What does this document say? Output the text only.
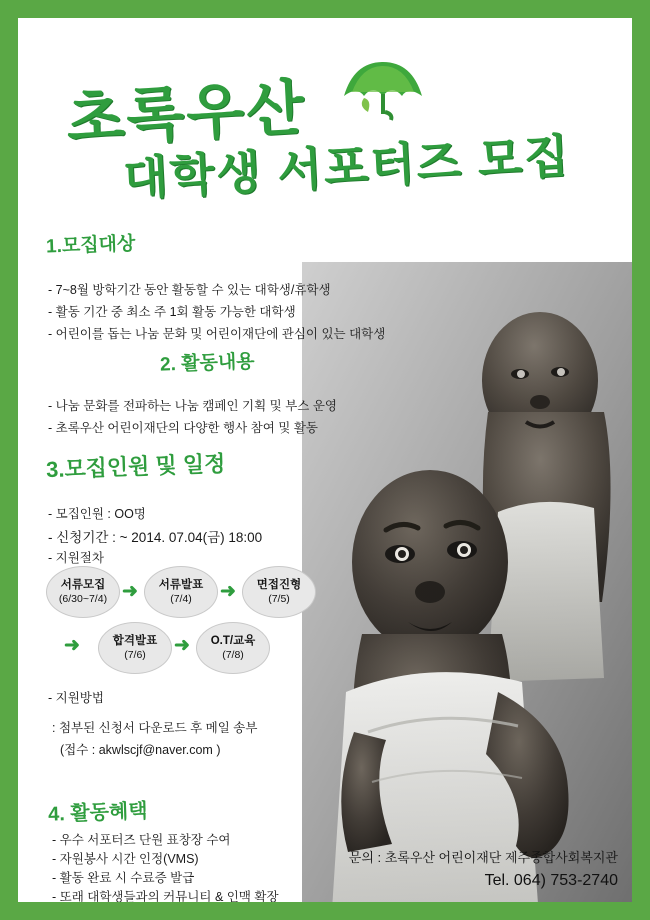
초록우산
대학생 서포터즈 모집
1.모집대상
- 7~8월 방학기간 동안 활동할 수 있는 대학생/휴학생
- 활동 기간 중 최소 주 1회 활동 가능한 대학생
- 어린이를 돕는 나눔 문화 및 어린이재단에 관심이 있는 대학생
2. 활동내용
- 나눔 문화를 전파하는 나눔 캠페인 기획 및 부스 운영
- 초록우산 어린이재단의 다양한 행사 참여 및 활동
3.모집인원 및 일정
- 모집인원 : OO명
- 신청기간 : ~ 2014. 07.04(금) 18:00
- 지원절차
서류모집
(6/30~7/4) ➜ 서류발표
(7/4) ➜ 면접진형
(7/5)
➜	합격발표
(7/6) ➜ O.T/교육
(7/8)
- 지원방법
: 첨부된 신청서 다운로드 후 메일 송부
(접수 : akwlscjf@naver.com )
4. 활동혜택
- 우수 서포터즈 단원 표창장 수여
- 자원봉사 시간 인정(VMS)
- 활동 완료 시 수료증 발급
- 또래 대학생들과의 커뮤니티 & 인맥 확장
문의 : 초록우산 어린이재단 제주종합사회복지관
Tel. 064) 753-2740
